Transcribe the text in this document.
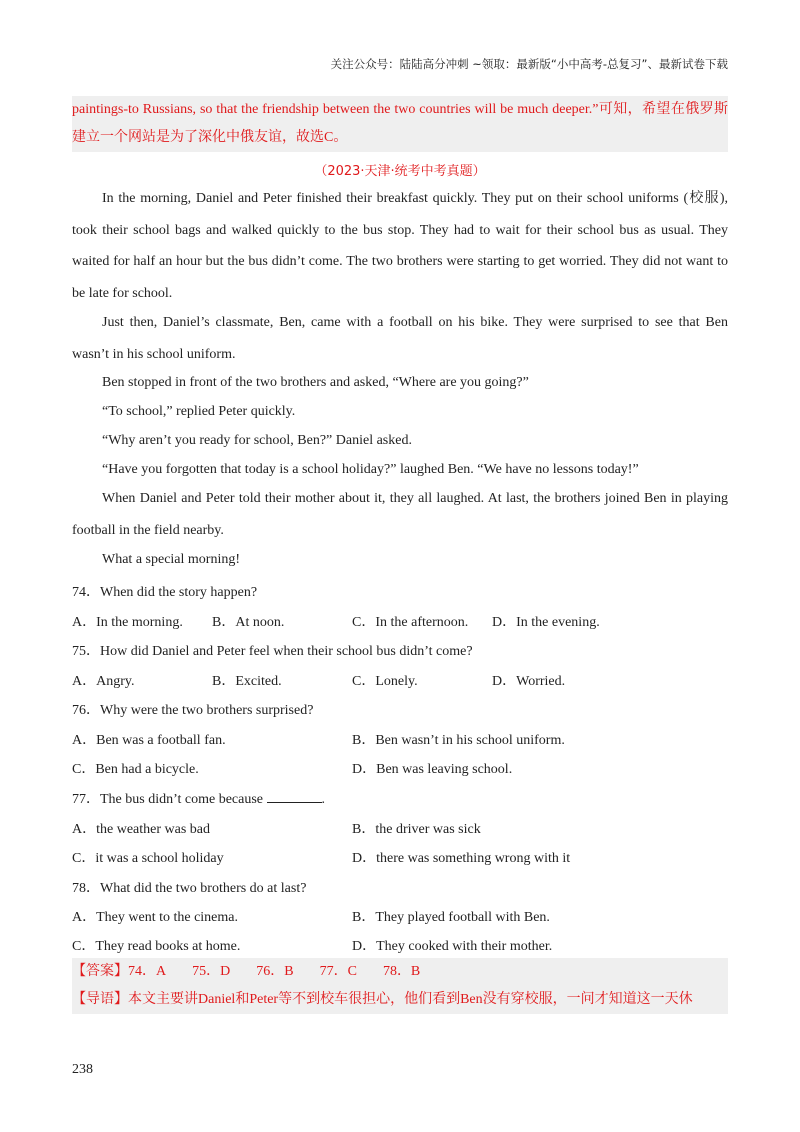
关注公众号：陆陆高分冲刺 ~领取：最新版“小中高考-总复习”、最新试卷下载
paintings-to Russians, so that the friendship between the two countries will be much deeper.”可知，希望在俄罗斯
建立一个网站是为了深化中俄友谊，故选C。
（2023·天津·统考中考真题）
In the morning, Daniel and Peter finished their breakfast quickly. They put on their school uniforms (校服),
took their school bags and walked quickly to the bus stop. They had to wait for their school bus as usual. They
waited for half an hour but the bus didn’t come. The two brothers were starting to get worried. They did not want to
be late for school.
Just then, Daniel’s classmate, Ben, came with a football on his bike. They were surprised to see that Ben
wasn’t in his school uniform.
Ben stopped in front of the two brothers and asked, “Where are you going?”
“To school,” replied Peter quickly.
“Why aren’t you ready for school, Ben?” Daniel asked.
“Have you forgotten that today is a school holiday?” laughed Ben. “We have no lessons today!”
When Daniel and Peter told their mother about it, they all laughed. At last, the brothers joined Ben in playing
football in the field nearby.
What a special morning!
74．When did the story happen?
A．In the morning. B．At noon.	C．In the afternoon. D．In the evening.
75．How did Daniel and Peter feel when their school bus didn’t come?
A．Angry.	B．Excited.	C．Lonely.	D．Worried.
76．Why were the two brothers surprised?
A．Ben was a football fan.	B．Ben wasn’t in his school uniform.
C．Ben had a bicycle.	D．Ben was leaving school.
77．The bus didn’t come because	.
A．the weather was bad	B．the driver was sick
C．it was a school holiday	D．there was something wrong with it
78．What did the two brothers do at last?
A．They went to the cinema.	B．They played football with Ben.
C．They read books at home.	D．They cooked with their mother.
【答案】74．A 75．D 76．B 77．C 78．B
【导语】本文主要讲Daniel和Peter等不到校车很担心，他们看到Ben没有穿校服，一问才知道这一天休
238
